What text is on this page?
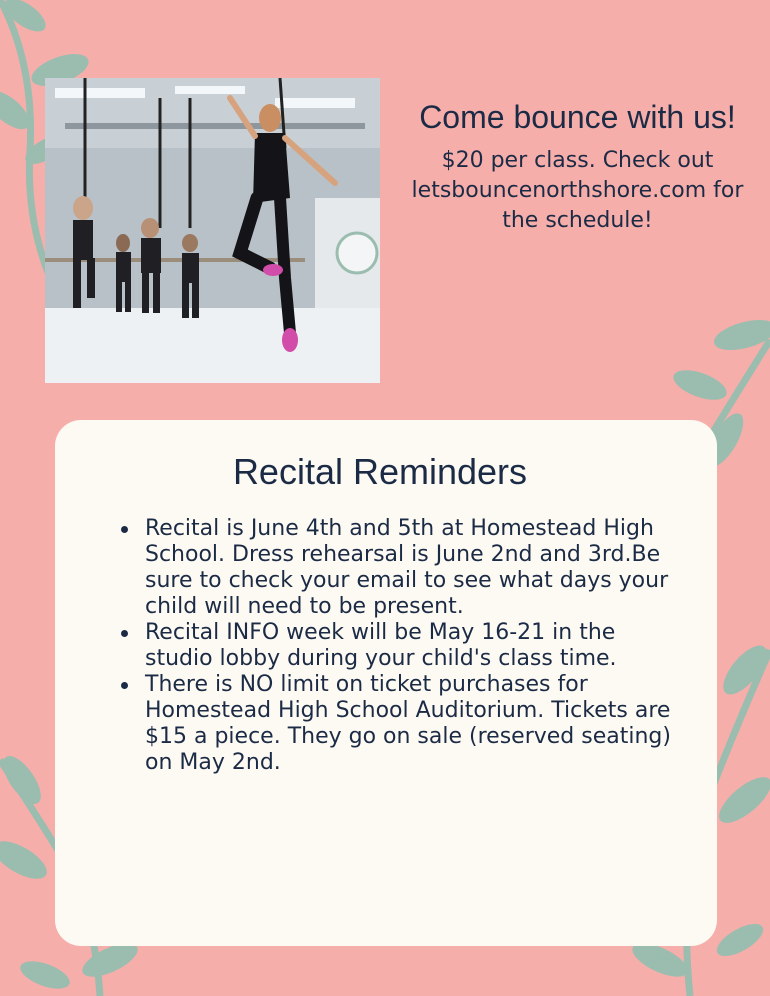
Come bounce with us!

$20 per class. Check out letsbouncenorthshore.com for the schedule!

Recital Reminders
Recital is June 4th and 5th at Homestead High School. Dress rehearsal is June 2nd and 3rd.Be sure to check your email to see what days your child will need to be present.
Recital INFO week will be May 16-21 in the studio lobby during your child's class time.
There is NO limit on ticket purchases for Homestead High School Auditorium. Tickets are $15 a piece. They go on sale (reserved seating) on May 2nd.
